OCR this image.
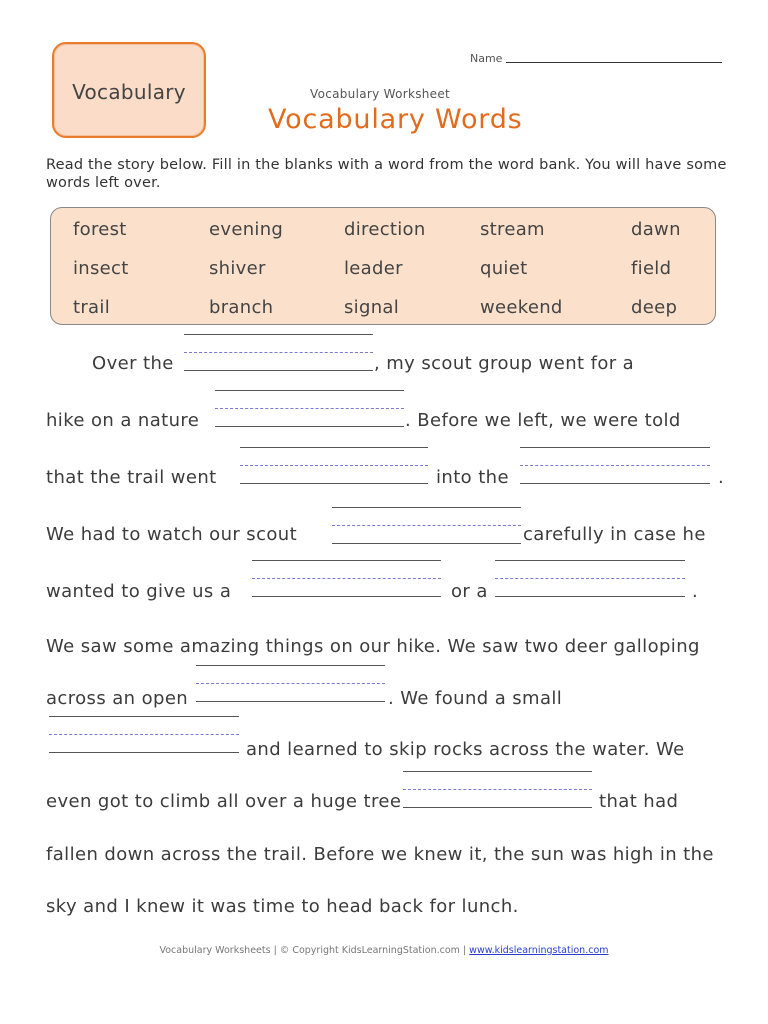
Vocabulary
Name
Vocabulary Worksheet
Vocabulary Words
Read the story below. Fill in the blanks with a word from the word bank. You will have some words left over.
forest	evening	direction	stream	dawn
insect	shiver	leader	quiet	field
trail	branch	signal	weekend	deep
Over the	, my scout group went for a
hike on a nature	. Before we left, we were told
that the trail went	into the	.
We had to watch our scout	carefully in case he
wanted to give us a	or a	.
We saw some amazing things on our hike. We saw two deer galloping
across an open	. We found a small
and learned to skip rocks across the water. We
even got to climb all over a huge tree	that had
fallen down across the trail. Before we knew it, the sun was high in the
sky and I knew it was time to head back for lunch.
Vocabulary Worksheets | © Copyright KidsLearningStation.com | www.kidslearningstation.com
